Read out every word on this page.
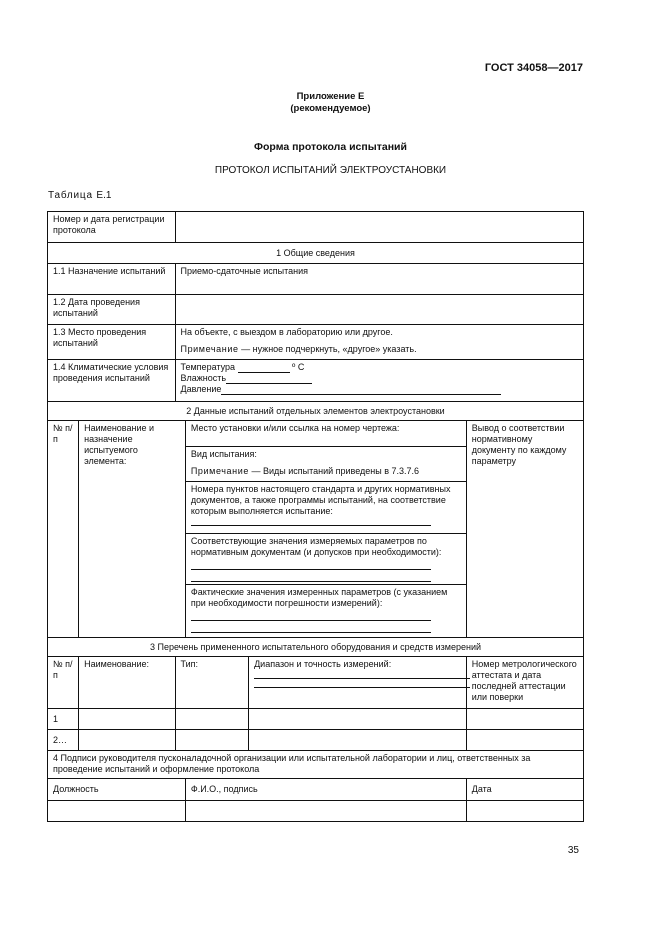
ГОСТ 34058—2017
Приложение Е
(рекомендуемое)
Форма протокола испытаний
ПРОТОКОЛ ИСПЫТАНИЙ ЭЛЕКТРОУСТАНОВКИ
Таблица Е.1
Номер и дата регистрации протокола					
1 Общие сведения					
1.1 Назначение испытаний		Приемо-сдаточные испытания			
1.2 Дата проведения испытаний					
1.3 Место проведения испытаний		На объекте, с выездом в лабораторию или другое.
Примечание — нужное подчеркнуть, «другое» указать.			

1.4 Климатические условия проведения испытаний		Температура º С
Влажность
Давление			

2 Данные испытаний отдельных элементов электроустановки					
№ п/п	Наименование и назначение испытуемого элемента:		Место установки и/или ссылка на номер чертежа:		Вывод о соответствии нормативному документу по каждому параметру

			Вид испытания:
Примечание — Виды испытаний приведены в 7.3.7.6		

			Номера пунктов настоящего стандарта и других нормативных документов, а также программы испытаний, на соответствие которым выполняется испытание:		

			Соответствующие значения измеряемых параметров по нормативным документам (и допусков при необходимости):		

			Фактические значения измеренных параметров (с указанием при необходимости погрешности измерений):		

3 Перечень примененного испытательного оборудования и средств измерений					
№ п/п	Наименование:	Тип:		Диапазон и точность измерений:	Номер метрологического аттестата и дата последней аттестации или поверки
1					
2…					
4 Подписи руководителя пусконаладочной организации или испытательной лаборатории и лиц, ответственных за проведение испытаний и оформление протокола					
Должность			Ф.И.О., подпись		Дата

35
